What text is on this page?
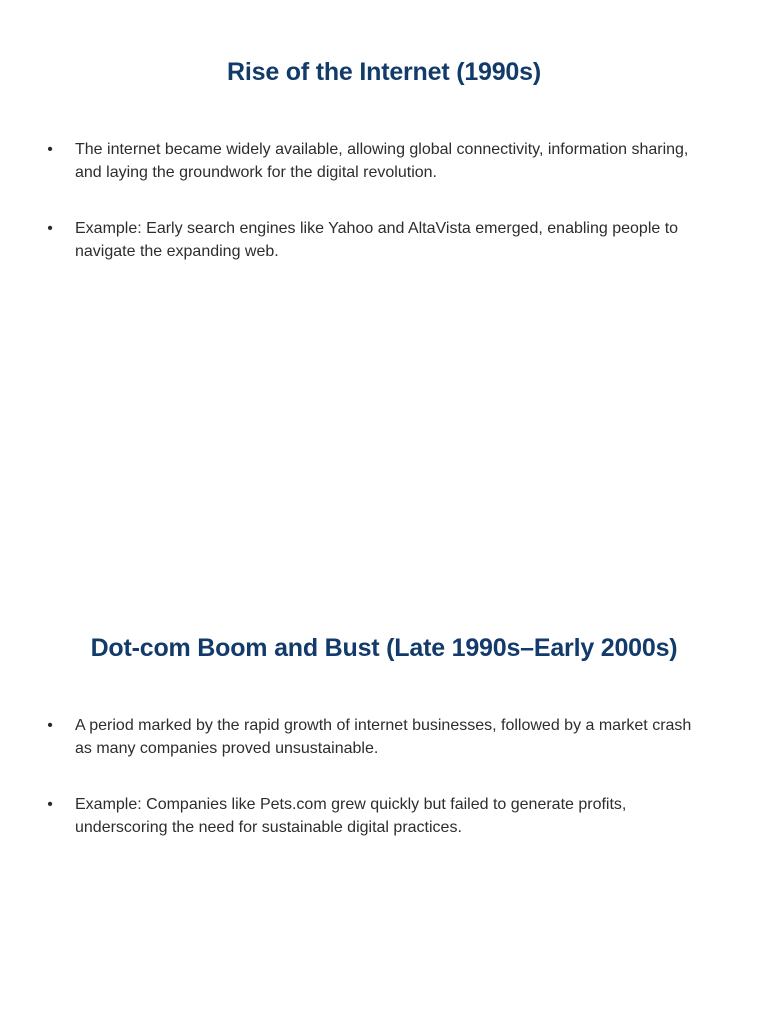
Rise of the Internet (1990s)
• The internet became widely available, allowing global connectivity, information sharing, and laying the groundwork for the digital revolution.
• Example: Early search engines like Yahoo and AltaVista emerged, enabling people to navigate the expanding web.
Dot-com Boom and Bust (Late 1990s–Early 2000s)
• A period marked by the rapid growth of internet businesses, followed by a market crash as many companies proved unsustainable.
• Example: Companies like Pets.com grew quickly but failed to generate profits, underscoring the need for sustainable digital practices.
